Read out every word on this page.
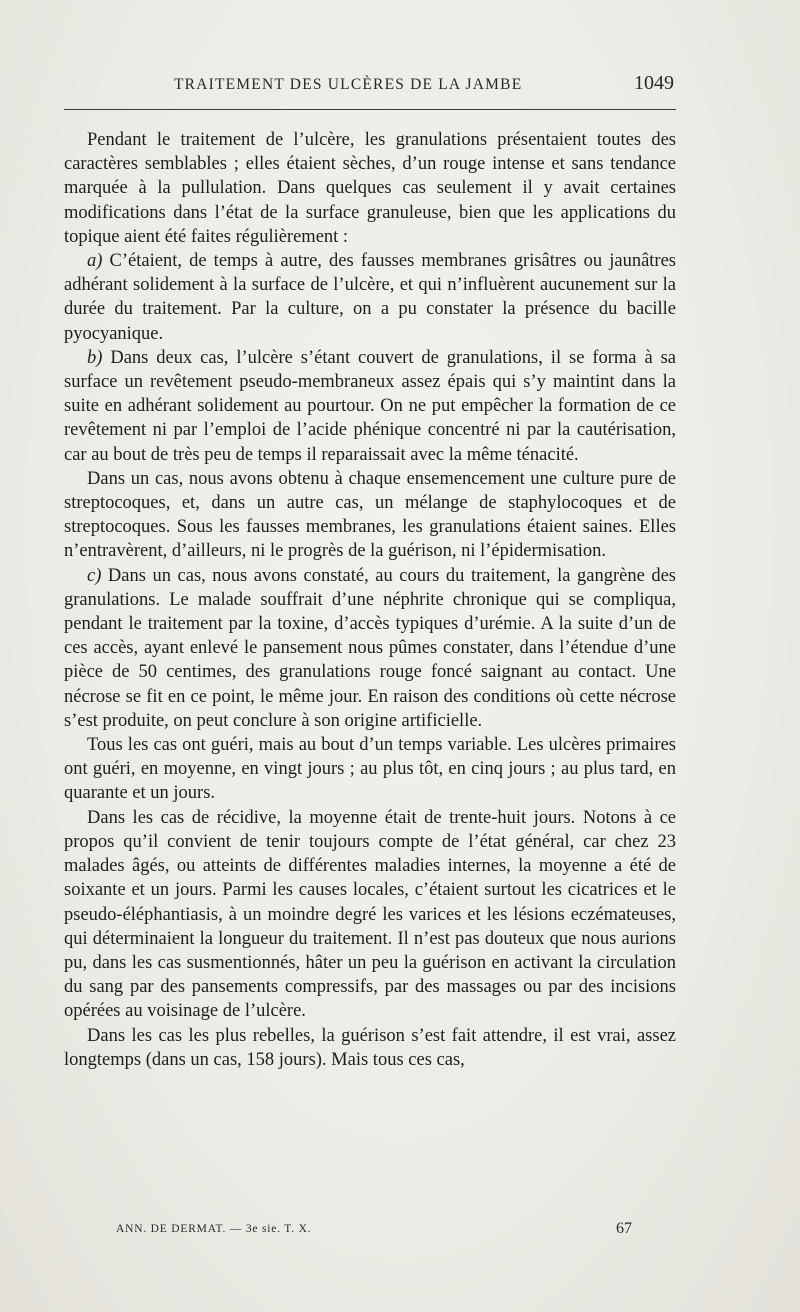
TRAITEMENT DES ULCÈRES DE LA JAMBE	1049

Pendant le traitement de l’ulcère, les granulations présentaient toutes des caractères semblables ; elles étaient sèches, d’un rouge intense et sans tendance marquée à la pullulation. Dans quelques cas seulement il y avait certaines modifications dans l’état de la surface granuleuse, bien que les applications du topique aient été faites régulièrement :

a) C’étaient, de temps à autre, des fausses membranes grisâtres ou jaunâtres adhérant solidement à la surface de l’ulcère, et qui n’influèrent aucunement sur la durée du traitement. Par la culture, on a pu constater la présence du bacille pyocyanique.

b) Dans deux cas, l’ulcère s’étant couvert de granulations, il se forma à sa surface un revêtement pseudo-membraneux assez épais qui s’y maintint dans la suite en adhérant solidement au pourtour. On ne put empêcher la formation de ce revêtement ni par l’emploi de l’acide phénique concentré ni par la cautérisation, car au bout de très peu de temps il reparaissait avec la même ténacité.

Dans un cas, nous avons obtenu à chaque ensemencement une culture pure de streptocoques, et, dans un autre cas, un mélange de staphylocoques et de streptocoques. Sous les fausses membranes, les granulations étaient saines. Elles n’entravèrent, d’ailleurs, ni le progrès de la guérison, ni l’épidermisation.

c) Dans un cas, nous avons constaté, au cours du traitement, la gangrène des granulations. Le malade souffrait d’une néphrite chronique qui se compliqua, pendant le traitement par la toxine, d’accès typiques d’urémie. A la suite d’un de ces accès, ayant enlevé le pansement nous pûmes constater, dans l’étendue d’une pièce de 50 centimes, des granulations rouge foncé saignant au contact. Une nécrose se fit en ce point, le même jour. En raison des conditions où cette nécrose s’est produite, on peut conclure à son origine artificielle.

Tous les cas ont guéri, mais au bout d’un temps variable. Les ulcères primaires ont guéri, en moyenne, en vingt jours ; au plus tôt, en cinq jours ; au plus tard, en quarante et un jours.

Dans les cas de récidive, la moyenne était de trente-huit jours. Notons à ce propos qu’il convient de tenir toujours compte de l’état général, car chez 23 malades âgés, ou atteints de différentes maladies internes, la moyenne a été de soixante et un jours. Parmi les causes locales, c’étaient surtout les cicatrices et le pseudo-éléphantiasis, à un moindre degré les varices et les lésions eczémateuses, qui déterminaient la longueur du traitement. Il n’est pas douteux que nous aurions pu, dans les cas susmentionnés, hâter un peu la guérison en activant la circulation du sang par des pansements compressifs, par des massages ou par des incisions opérées au voisinage de l’ulcère.

Dans les cas les plus rebelles, la guérison s’est fait attendre, il est vrai, assez longtemps (dans un cas, 158 jours). Mais tous ces cas,

ANN. DE DERMAT. — 3e sie. T. X.	67
